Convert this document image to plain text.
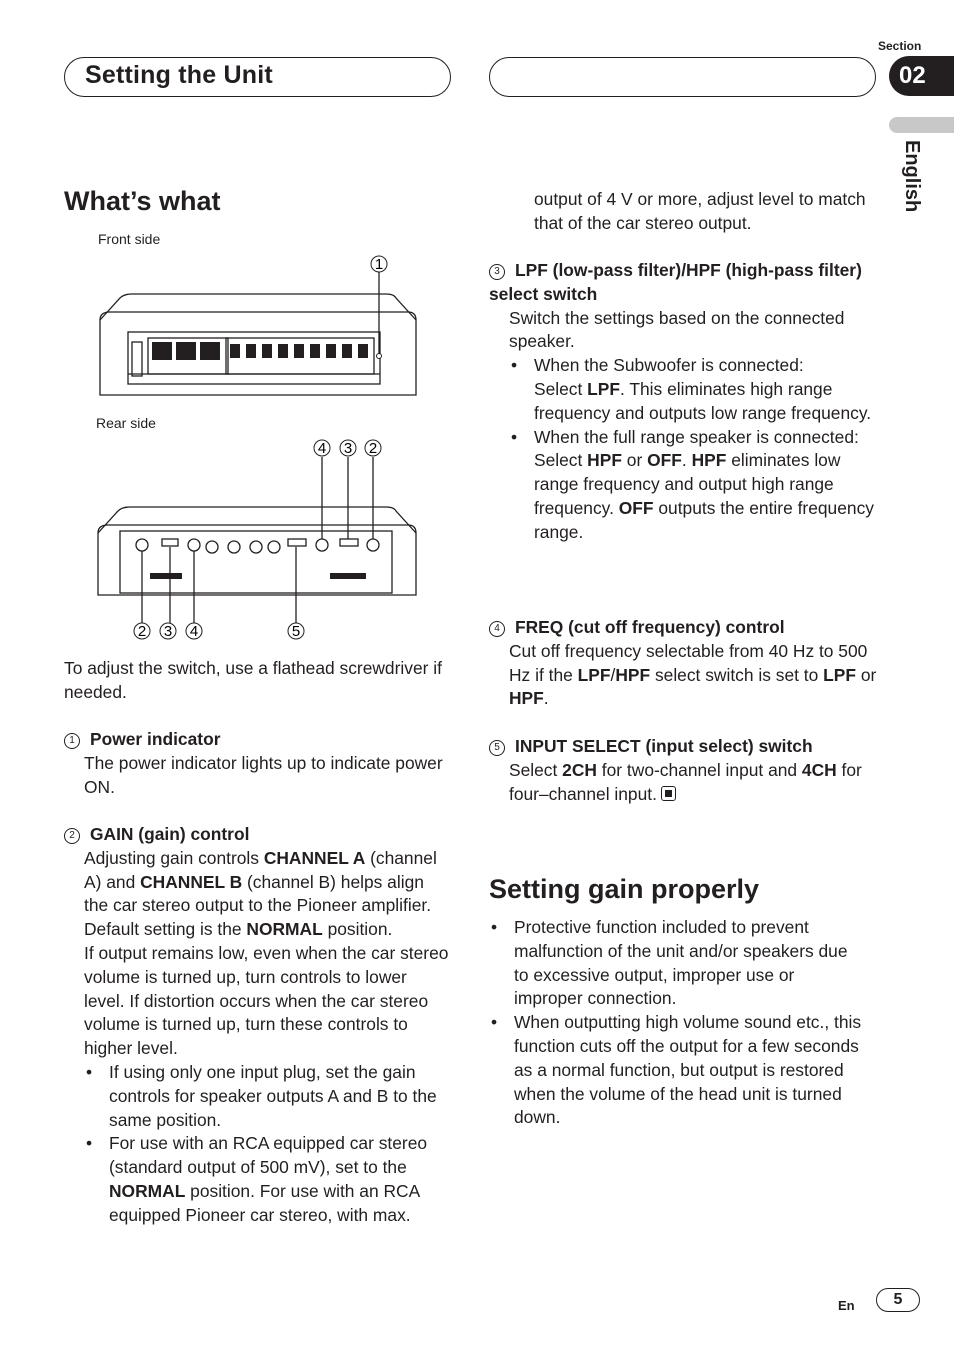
Setting the Unit
Section
02
English
What’s what
Front side
1
Rear side
4 3 2
2 3 4	5
To adjust the switch, use a flathead screwdriver if needed.
1 Power indicator
The power indicator lights up to indicate power ON.
2 GAIN (gain) control
Adjusting gain controls CHANNEL A (channel A) and CHANNEL B (channel B) helps align the car stereo output to the Pioneer amplifier. Default setting is the NORMAL position.
If output remains low, even when the car stereo volume is turned up, turn controls to lower level. If distortion occurs when the car stereo volume is turned up, turn these controls to higher level.
• If using only one input plug, set the gain controls for speaker outputs A and B to the same position.
• For use with an RCA equipped car stereo (standard output of 500 mV), set to the NORMAL position. For use with an RCA equipped Pioneer car stereo, with max.
output of 4 V or more, adjust level to match that of the car stereo output.
3 LPF (low-pass filter)/HPF (high-pass filter) select switch
Switch the settings based on the connected speaker.
• When the Subwoofer is connected:
Select LPF. This eliminates high range frequency and outputs low range frequency.
• When the full range speaker is connected:
Select HPF or OFF. HPF eliminates low range frequency and output high range frequency. OFF outputs the entire frequency range.
4 FREQ (cut off frequency) control
Cut off frequency selectable from 40 Hz to 500 Hz if the LPF/HPF select switch is set to LPF or HPF.
5 INPUT SELECT (input select) switch
Select 2CH for two-channel input and 4CH for four–channel input.
Setting gain properly
• Protective function included to prevent malfunction of the unit and/or speakers due to excessive output, improper use or improper connection.
• When outputting high volume sound etc., this function cuts off the output for a few seconds as a normal function, but output is restored when the volume of the head unit is turned down.
En	5
